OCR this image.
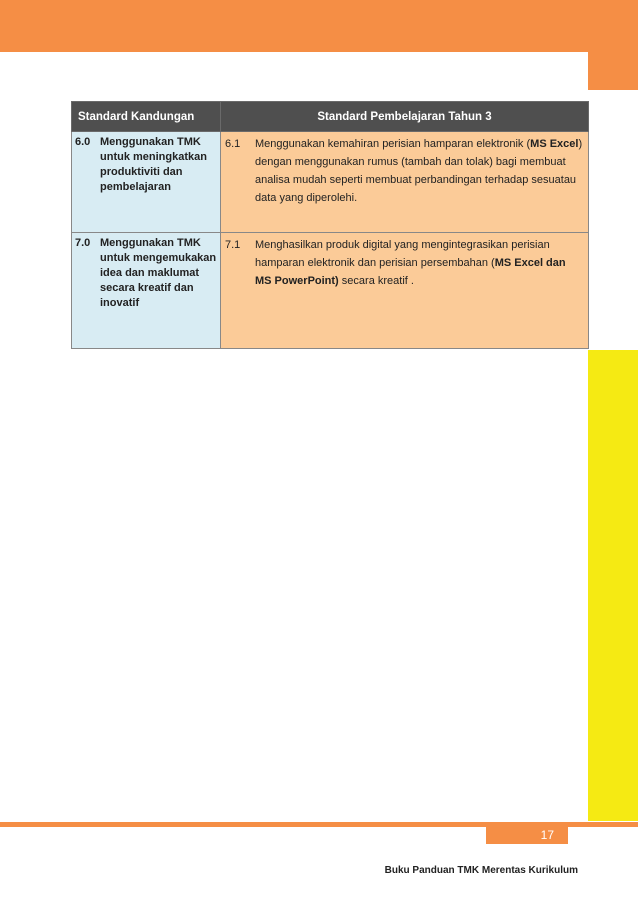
Standard Kandungan	Standard Pembelajaran Tahun 3

6.0 Menggunakan TMK untuk meningkatkan produktiviti dan pembelajaran	6.1 Menggunakan kemahiran perisian hamparan elektronik (MS Excel) dengan menggunakan rumus (tambah dan tolak) bagi membuat analisa mudah seperti membuat perbandingan terhadap sesuatau data yang diperolehi.

7.0 Menggunakan TMK untuk mengemukakan idea dan maklumat secara kreatif dan inovatif	7.1 Menghasilkan produk digital yang mengintegrasikan perisian hamparan elektronik dan perisian persembahan (MS Excel dan MS PowerPoint) secara kreatif .
17
Buku Panduan TMK Merentas Kurikulum
